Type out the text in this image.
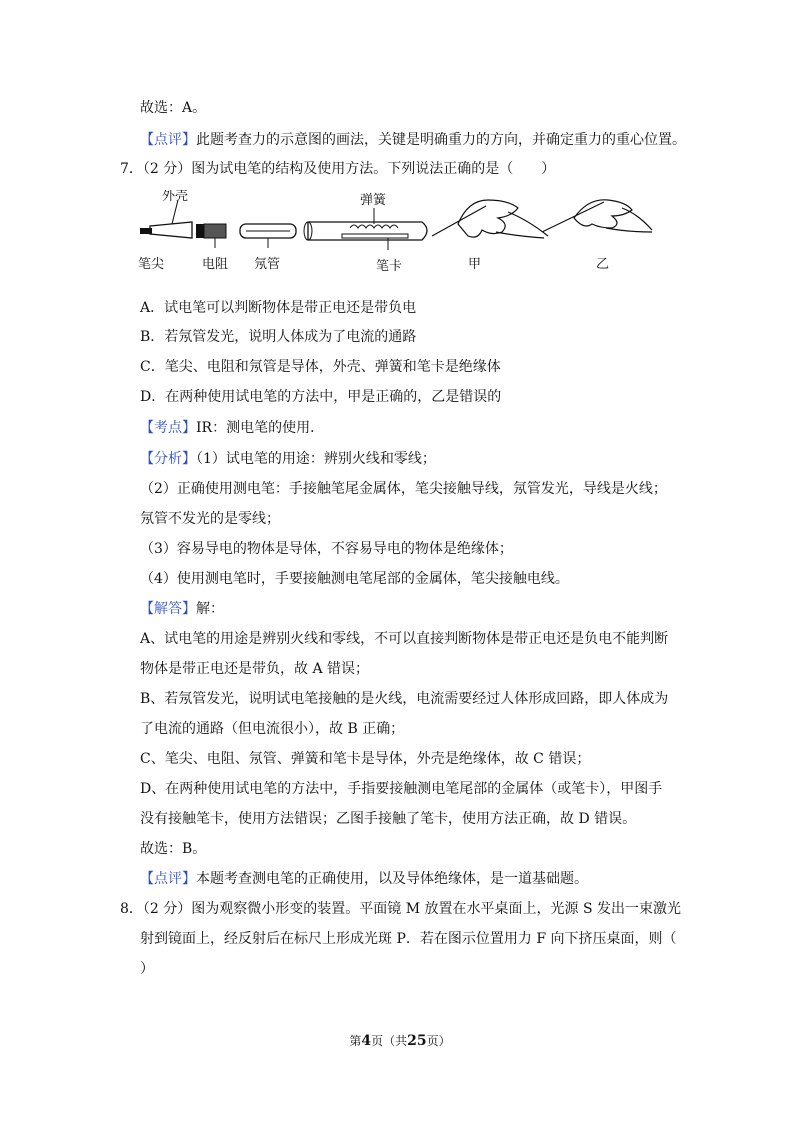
故选：A。
【点评】此题考查力的示意图的画法，关键是明确重力的方向，并确定重力的重心位置。
7．（2 分）图为试电笔的结构及使用方法。下列说法正确的是（　　）
外壳	弹簧
笔尖	电阻 氖管	笔卡	甲	乙
A．试电笔可以判断物体是带正电还是带负电
B．若氖管发光，说明人体成为了电流的通路
C．笔尖、电阻和氖管是导体，外壳、弹簧和笔卡是绝缘体
D．在两种使用试电笔的方法中，甲是正确的，乙是错误的
【考点】IR：测电笔的使用．
【分析】（1）试电笔的用途：辨别火线和零线；
（2）正确使用测电笔：手接触笔尾金属体，笔尖接触导线，氖管发光，导线是火线；
氖管不发光的是零线；
（3）容易导电的物体是导体，不容易导电的物体是绝缘体；
（4）使用测电笔时，手要接触测电笔尾部的金属体，笔尖接触电线。
【解答】解：
A、试电笔的用途是辨别火线和零线，不可以直接判断物体是带正电还是负电不能判断
物体是带正电还是带负，故 A 错误；
B、若氖管发光，说明试电笔接触的是火线，电流需要经过人体形成回路，即人体成为
了电流的通路（但电流很小），故 B 正确；
C、笔尖、电阻、氖管、弹簧和笔卡是导体，外壳是绝缘体，故 C 错误；
D、在两种使用试电笔的方法中，手指要接触测电笔尾部的金属体（或笔卡），甲图手
没有接触笔卡，使用方法错误；乙图手接触了笔卡，使用方法正确，故 D 错误。
故选：B。
【点评】本题考查测电笔的正确使用，以及导体绝缘体，是一道基础题。
8．（2 分）图为观察微小形变的装置。平面镜 M 放置在水平桌面上，光源 S 发出一束激光
射到镜面上，经反射后在标尺上形成光斑 P．若在图示位置用力 F 向下挤压桌面，则（
）
第4页（共25页）
